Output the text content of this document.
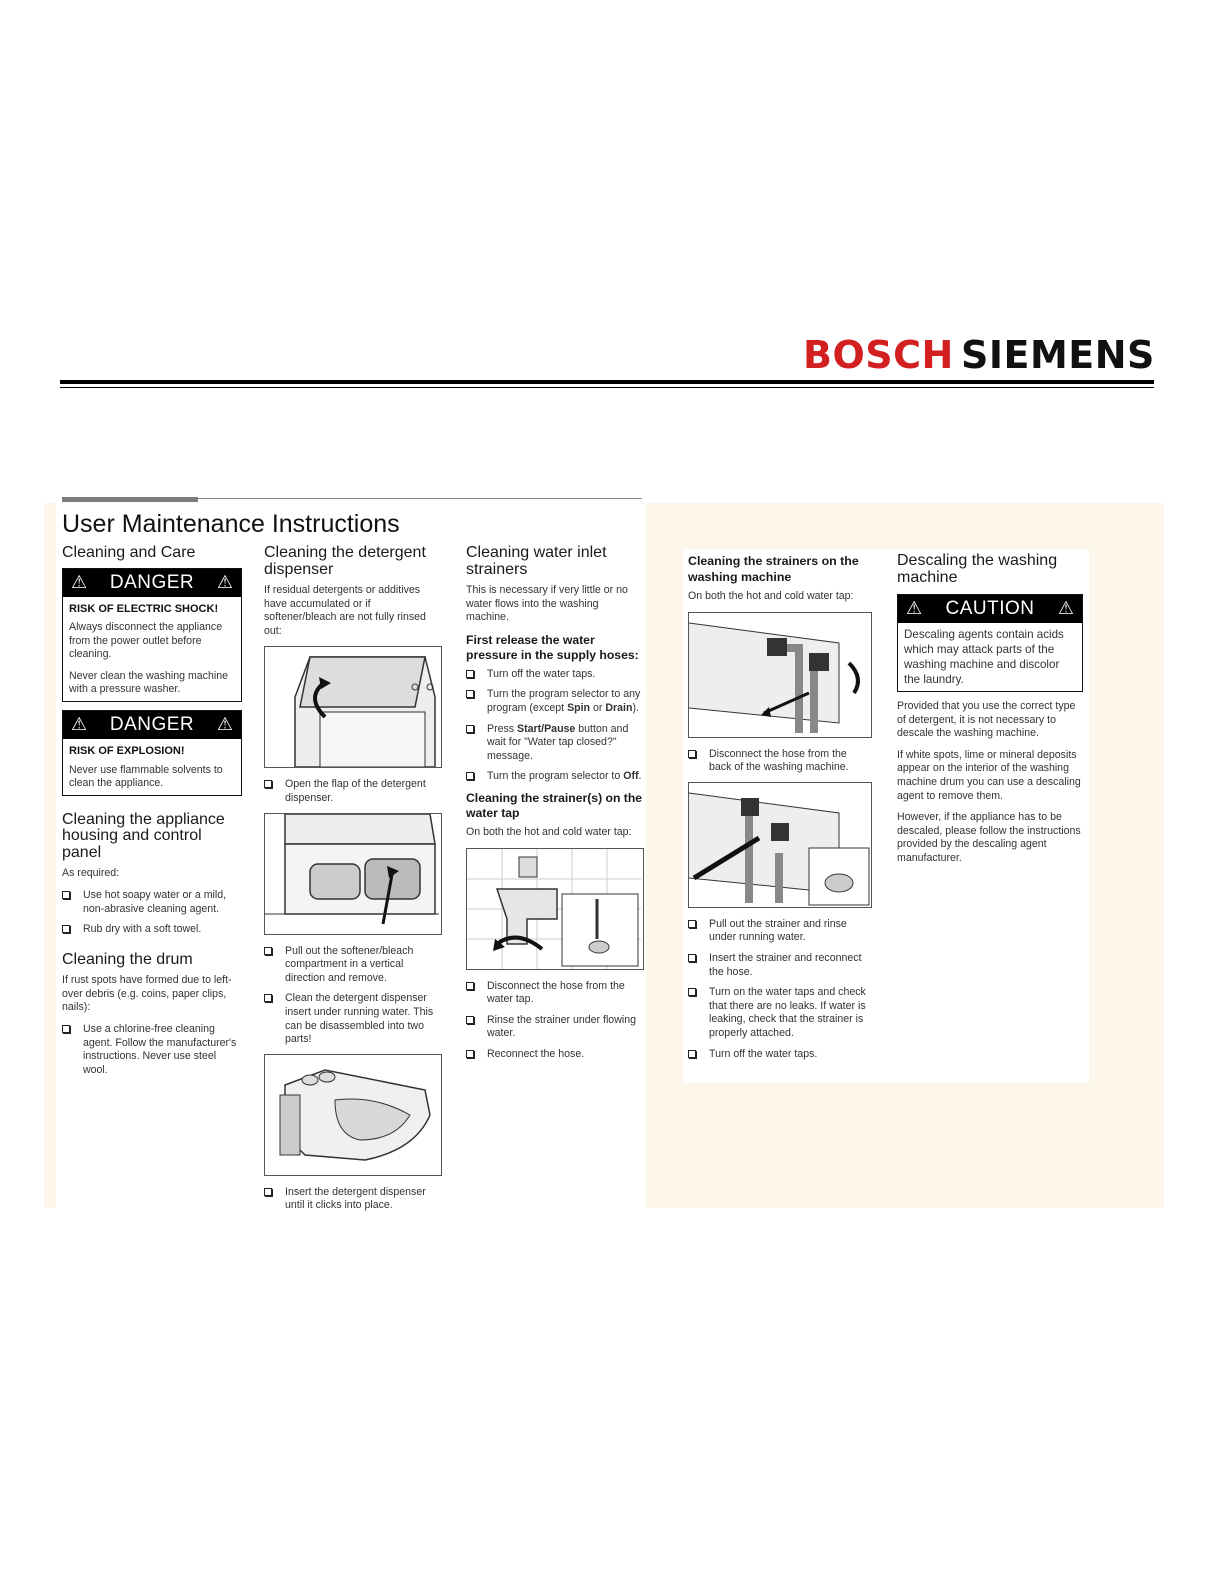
BOSCH SIEMENS
User Maintenance Instructions
Cleaning and Care
⚠ DANGER ⚠
RISK OF ELECTRIC SHOCK!
Always disconnect the appliance from the power outlet before cleaning.
Never clean the washing machine with a pressure washer.
⚠ DANGER ⚠
RISK OF EXPLOSION!
Never use flammable solvents to clean the appliance.
Cleaning the appliance housing and control panel
As required:
Use hot soapy water or a mild, non-abrasive cleaning agent.
Rub dry with a soft towel.
Cleaning the drum
If rust spots have formed due to left-over debris (e.g. coins, paper clips, nails):
Use a chlorine-free cleaning agent. Follow the manufacturer's instructions. Never use steel wool.
Cleaning the detergent dispenser
If residual detergents or additives have accumulated or if softener/bleach are not fully rinsed out:
Open the flap of the detergent dispenser.
Pull out the softener/bleach compartment in a vertical direction and remove.
Clean the detergent dispenser insert under running water. This can be disassembled into two parts!
Insert the detergent dispenser until it clicks into place.
Cleaning water inlet strainers
This is necessary if very little or no water flows into the washing machine.
First release the water pressure in the supply hoses:
Turn off the water taps.
Turn the program selector to any program (except Spin or Drain).
Press Start/Pause button and wait for "Water tap closed?" message.
Turn the program selector to Off.
Cleaning the strainer(s) on the water tap
On both the hot and cold water tap:
Disconnect the hose from the water tap.
Rinse the strainer under flowing water.
Reconnect the hose.
Cleaning the strainers on the washing machine
On both the hot and cold water tap:
Disconnect the hose from the back of the washing machine.
Pull out the strainer and rinse under running water.
Insert the strainer and reconnect the hose.
Turn on the water taps and check that there are no leaks. If water is leaking, check that the strainer is properly attached.
Turn off the water taps.
Descaling the washing machine
⚠ CAUTION ⚠
Descaling agents contain acids which may attack parts of the washing machine and discolor the laundry.
Provided that you use the correct type of detergent, it is not necessary to descale the washing machine.
If white spots, lime or mineral deposits appear on the interior of the washing machine drum you can use a descaling agent to remove them.
However, if the appliance has to be descaled, please follow the instructions provided by the descaling agent manufacturer.
